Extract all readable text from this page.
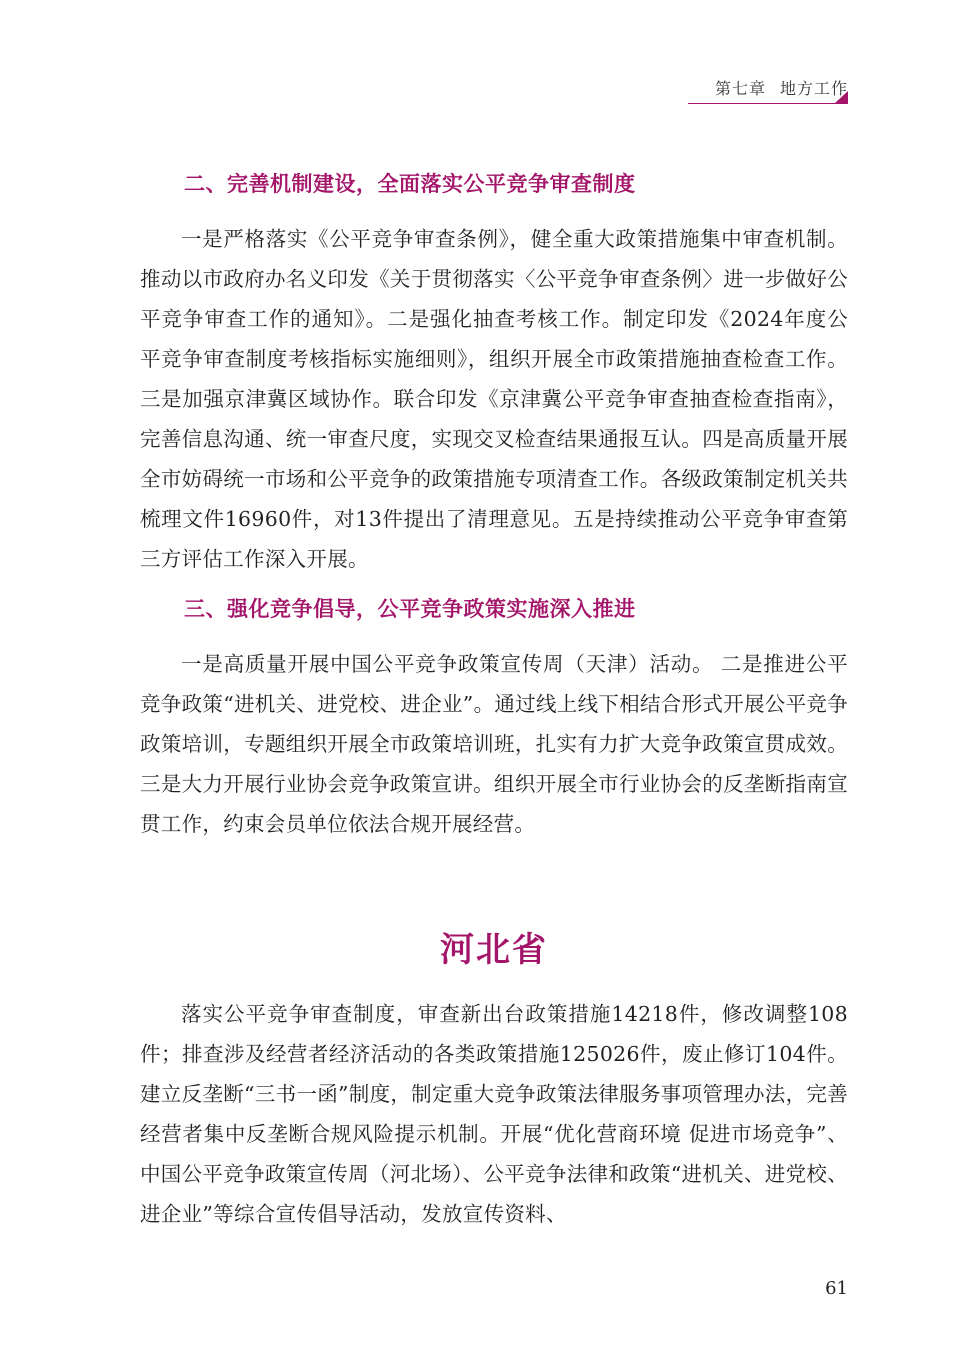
第七章 地方工作
二、完善机制建设，全面落实公平竞争审查制度

一是严格落实《公平竞争审查条例》，健全重大政策措施集中审查机制。推动以市政府办名义印发《关于贯彻落实〈公平竞争审查条例〉进一步做好公平竞争审查工作的通知》。二是强化抽查考核工作。制定印发《2024年度公平竞争审查制度考核指标实施细则》，组织开展全市政策措施抽查检查工作。三是加强京津冀区域协作。联合印发《京津冀公平竞争审查抽查检查指南》，完善信息沟通、统一审查尺度，实现交叉检查结果通报互认。四是高质量开展全市妨碍统一市场和公平竞争的政策措施专项清查工作。各级政策制定机关共梳理文件16960件，对13件提出了清理意见。五是持续推动公平竞争审查第三方评估工作深入开展。

三、强化竞争倡导，公平竞争政策实施深入推进

一是高质量开展中国公平竞争政策宣传周（天津）活动。 二是推进公平竞争政策“进机关、进党校、进企业”。通过线上线下相结合形式开展公平竞争政策培训，专题组织开展全市政策培训班，扎实有力扩大竞争政策宣贯成效。三是大力开展行业协会竞争政策宣讲。组织开展全市行业协会的反垄断指南宣贯工作，约束会员单位依法合规开展经营。

河北省

落实公平竞争审查制度，审查新出台政策措施14218件，修改调整108件；排查涉及经营者经济活动的各类政策措施125026件，废止修订104件。建立反垄断“三书一函”制度，制定重大竞争政策法律服务事项管理办法，完善经营者集中反垄断合规风险提示机制。开展“优化营商环境 促进市场竞争”、中国公平竞争政策宣传周（河北场）、公平竞争法律和政策“进机关、进党校、进企业”等综合宣传倡导活动，发放宣传资料、

61
